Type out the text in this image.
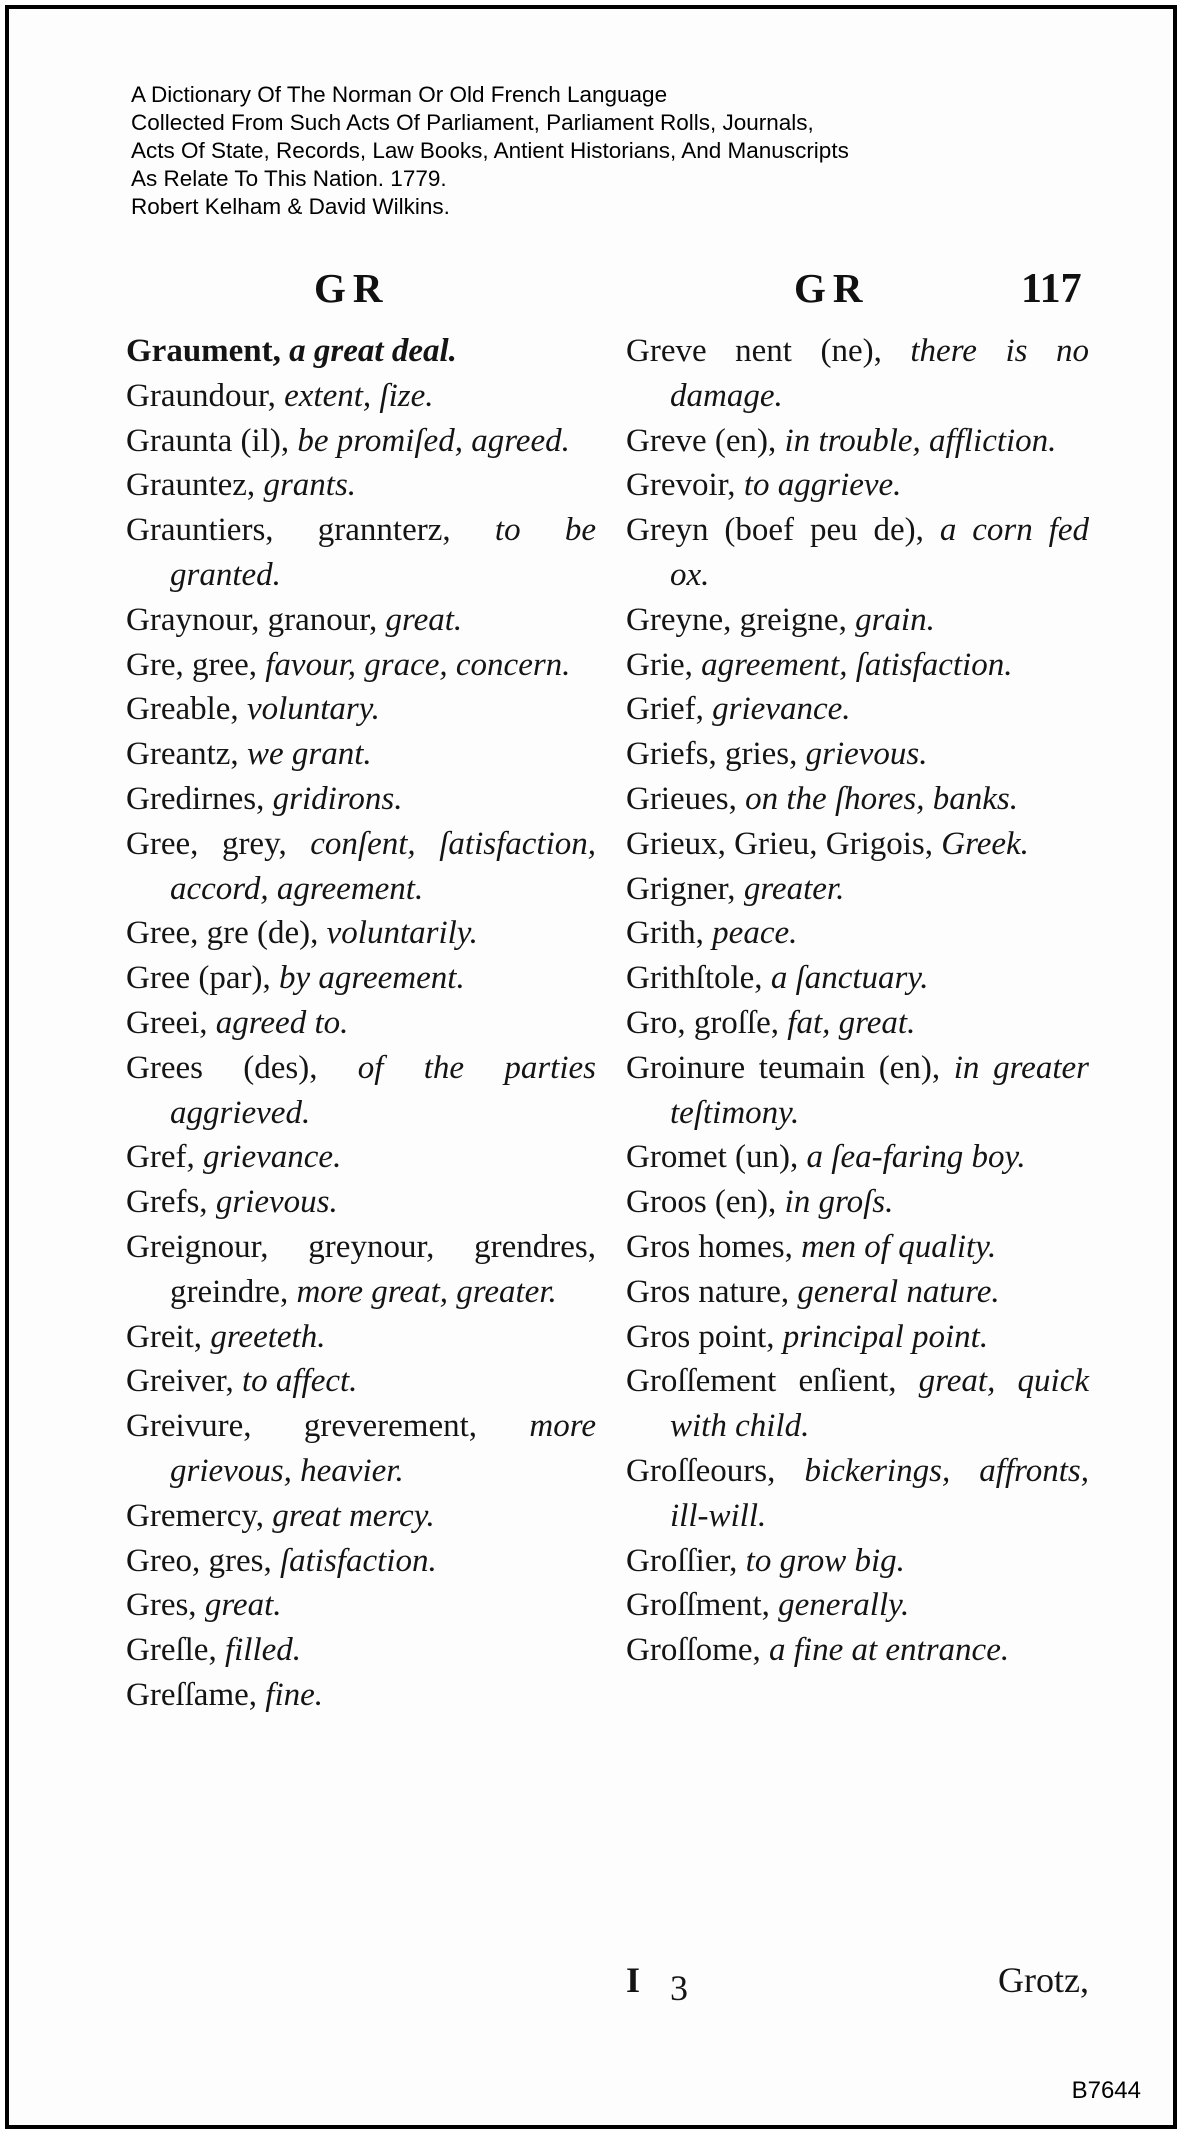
A Dictionary Of The Norman Or Old French Language
Collected From Such Acts Of Parliament, Parliament Rolls, Journals,
Acts Of State, Records, Law Books, Antient Historians, And Manuscripts
As Relate To This Nation. 1779.
Robert Kelham & David Wilkins.
GR	GR	117
Graument, a great deal.
Graundour, extent, ſize.
Graunta (il), be promiſed, agreed.
Grauntez, grants.
Grauntiers, grannterz, to be granted.
Graynour, granour, great.
Gre, gree, favour, grace, concern.
Greable, voluntary.
Greantz, we grant.
Gredirnes, gridirons.
Gree, grey, conſent, ſatisfaction, accord, agreement.
Gree, gre (de), voluntarily.
Gree (par), by agreement.
Greei, agreed to.
Grees (des), of the parties aggrieved.
Gref, grievance.
Grefs, grievous.
Greignour, greynour, grendres, greindre, more great, greater.
Greit, greeteth.
Greiver, to affect.
Greivure, greverement, more grievous, heavier.
Gremercy, great mercy.
Greo, gres, ſatisfaction.
Gres, great.
Greſle, filled.
Greſſame, fine.
Greve nent (ne), there is no damage.
Greve (en), in trouble, affliction.
Grevoir, to aggrieve.
Greyn (boef peu de), a corn fed ox.
Greyne, greigne, grain.
Grie, agreement, ſatisfaction.
Grief, grievance.
Griefs, gries, grievous.
Grieues, on the ſhores, banks.
Grieux, Grieu, Grigois, Greek.
Grigner, greater.
Grith, peace.
Grithſtole, a ſanctuary.
Gro, groſſe, fat, great.
Groinure teumain (en), in greater teſtimony.
Gromet (un), a ſea-faring boy.
Groos (en), in groſs.
Gros homes, men of quality.
Gros nature, general nature.
Gros point, principal point.
Groſſement enſient, great, quick with child.
Groſſeours, bickerings, affronts, ill-will.
Groſſier, to grow big.
Groſſment, generally.
Groſſome, a fine at entrance.
I 3	Grotz,
B7644
